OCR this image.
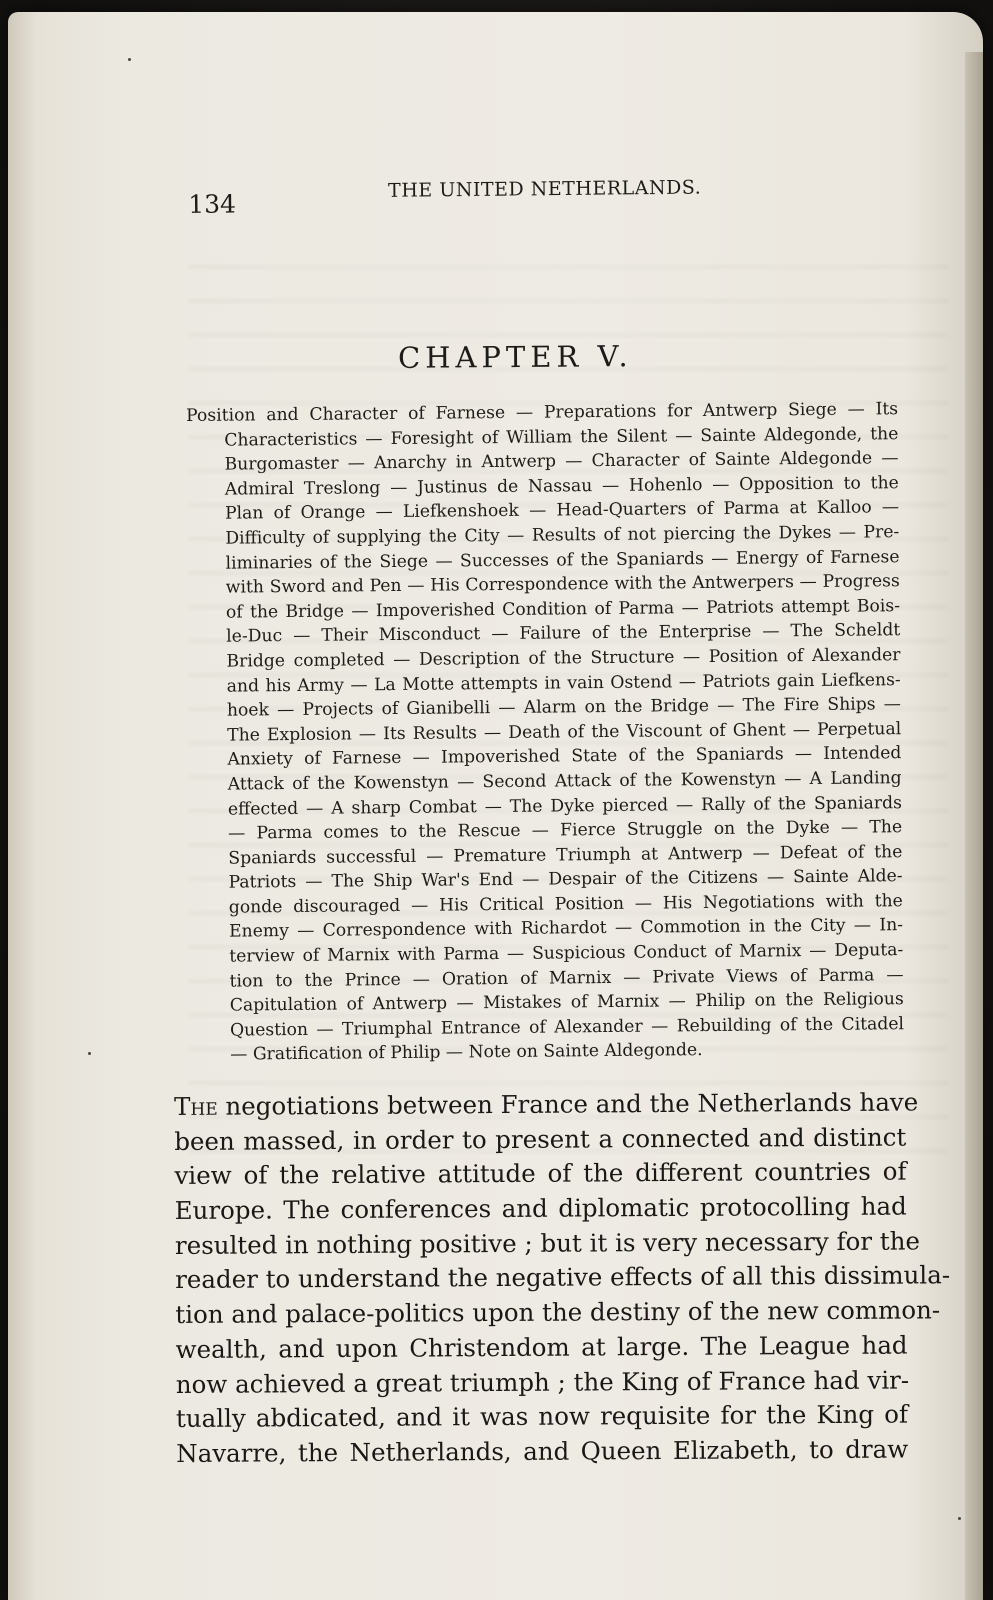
134
THE UNITED NETHERLANDS.
CHAPTER V.
Position and Character of Farnese — Preparations for Antwerp Siege — Its
Characteristics — Foresight of William the Silent — Sainte Aldegonde, the
Burgomaster — Anarchy in Antwerp — Character of Sainte Aldegonde —
Admiral Treslong — Justinus de Nassau — Hohenlo — Opposition to the
Plan of Orange — Liefkenshoek — Head-Quarters of Parma at Kalloo —
Difficulty of supplying the City — Results of not piercing the Dykes — Pre-
liminaries of the Siege — Successes of the Spaniards — Energy of Farnese
with Sword and Pen — His Correspondence with the Antwerpers — Progress
of the Bridge — Impoverished Condition of Parma — Patriots attempt Bois-
le-Duc — Their Misconduct — Failure of the Enterprise — The Scheldt
Bridge completed — Description of the Structure — Position of Alexander
and his Army — La Motte attempts in vain Ostend — Patriots gain Liefkens-
hoek — Projects of Gianibelli — Alarm on the Bridge — The Fire Ships —
The Explosion — Its Results — Death of the Viscount of Ghent — Perpetual
Anxiety of Farnese — Impoverished State of the Spaniards — Intended
Attack of the Kowenstyn — Second Attack of the Kowenstyn — A Landing
effected — A sharp Combat — The Dyke pierced — Rally of the Spaniards
— Parma comes to the Rescue — Fierce Struggle on the Dyke — The
Spaniards successful — Premature Triumph at Antwerp — Defeat of the
Patriots — The Ship War's End — Despair of the Citizens — Sainte Alde-
gonde discouraged — His Critical Position — His Negotiations with the
Enemy — Correspondence with Richardot — Commotion in the City — In-
terview of Marnix with Parma — Suspicious Conduct of Marnix — Deputa-
tion to the Prince — Oration of Marnix — Private Views of Parma —
Capitulation of Antwerp — Mistakes of Marnix — Philip on the Religious
Question — Triumphal Entrance of Alexander — Rebuilding of the Citadel
— Gratification of Philip — Note on Sainte Aldegonde.
The negotiations between France and the Netherlands have
been massed, in order to present a connected and distinct
view of the relative attitude of the different countries of
Europe. The conferences and diplomatic protocolling had
resulted in nothing positive ; but it is very necessary for the
reader to understand the negative effects of all this dissimula-
tion and palace-politics upon the destiny of the new common-
wealth, and upon Christendom at large. The League had
now achieved a great triumph ; the King of France had vir-
tually abdicated, and it was now requisite for the King of
Navarre, the Netherlands, and Queen Elizabeth, to draw
